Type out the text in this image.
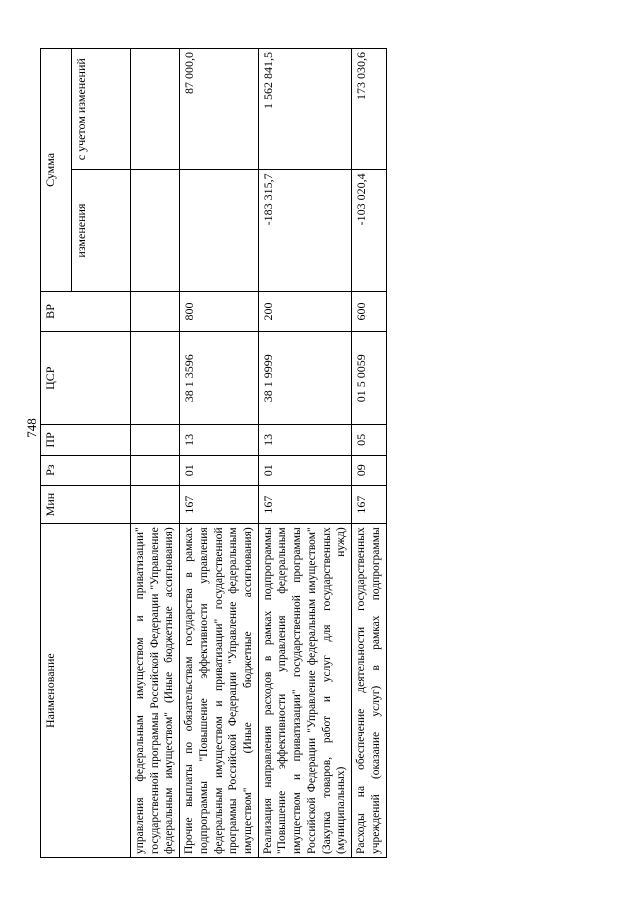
748
Наименование	Мин	Рз	ПР	ЦСР	ВР	Сумма	
						изменения	с учетом изменений
управления федеральным имуществом и приватизации" государственной программы Российской Федерации "Управление федеральным имуществом" (Иные бюджетные ассигнования)							
Прочие выплаты по обязательствам государства в рамках подпрограммы "Повышение эффективности управления федеральным имуществом и приватизации" государственной программы Российской Федерации "Управление федеральным имуществом" (Иные бюджетные ассигнования)	167	01	13	38 1 3596	800		87 000,0
Реализация направления расходов в рамках подпрограммы "Повышение эффективности управления федеральным имуществом и приватизации" государственной программы Российской Федерации "Управление федеральным имуществом" (Закупка товаров, работ и услуг для государственных (муниципальных) нужд)	167	01	13	38 1 9999	200	-183 315,7	1 562 841,5
Расходы на обеспечение деятельности государственных учреждений (оказание услуг) в рамках подпрограммы	167	09	05	01 5 0059	600	-103 020,4	173 030,6
